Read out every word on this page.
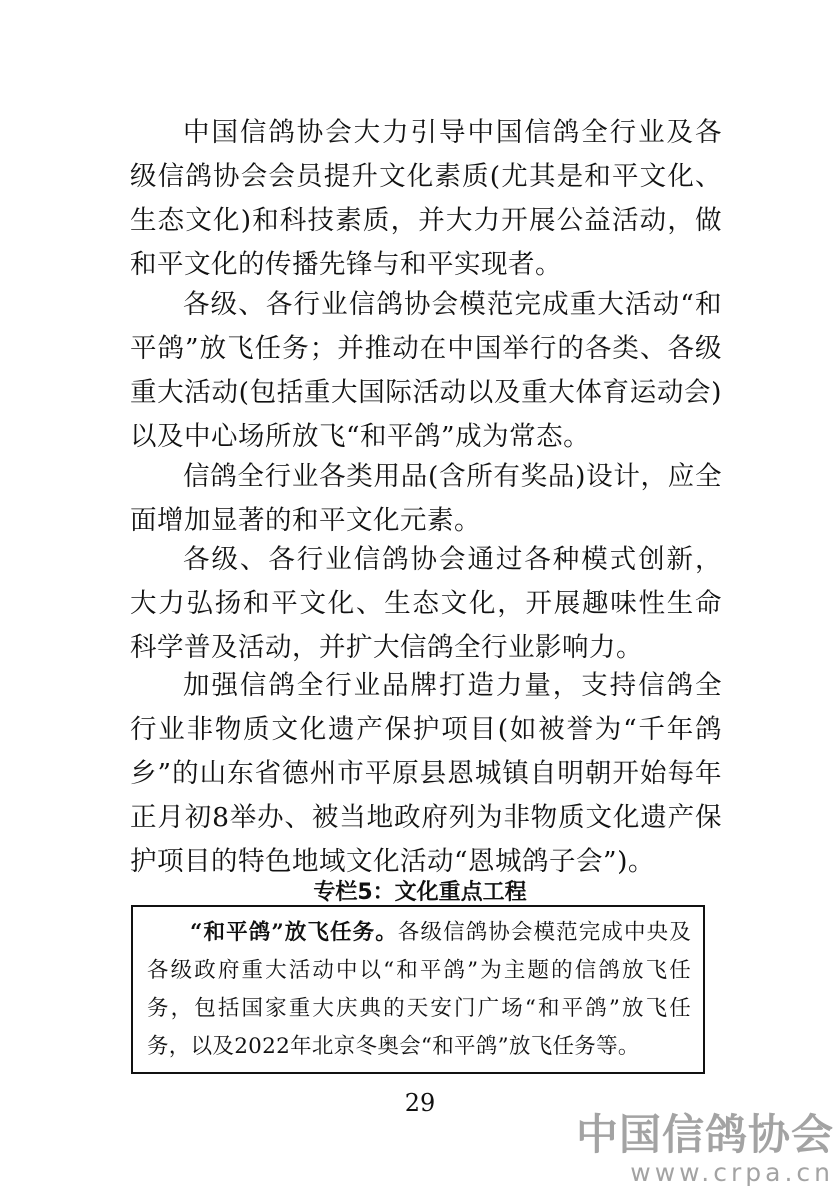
中国信鸽协会大力引导中国信鸽全行业及各级信鸽协会会员提升文化素质(尤其是和平文化、生态文化)和科技素质，并大力开展公益活动，做和平文化的传播先锋与和平实现者。

各级、各行业信鸽协会模范完成重大活动“和平鸽”放飞任务；并推动在中国举行的各类、各级重大活动(包括重大国际活动以及重大体育运动会)以及中心场所放飞“和平鸽”成为常态。

信鸽全行业各类用品(含所有奖品)设计，应全面增加显著的和平文化元素。

各级、各行业信鸽协会通过各种模式创新，大力弘扬和平文化、生态文化，开展趣味性生命科学普及活动，并扩大信鸽全行业影响力。

加强信鸽全行业品牌打造力量，支持信鸽全行业非物质文化遗产保护项目(如被誉为“千年鸽乡”的山东省德州市平原县恩城镇自明朝开始每年正月初8举办、被当地政府列为非物质文化遗产保护项目的特色地域文化活动“恩城鸽子会”)。

专栏5：文化重点工程

“和平鸽”放飞任务。各级信鸽协会模范完成中央及各级政府重大活动中以“和平鸽”为主题的信鸽放飞任务，包括国家重大庆典的天安门广场“和平鸽”放飞任务，以及2022年北京冬奥会“和平鸽”放飞任务等。

29

中国信鸽协会
www.crpa.cn
